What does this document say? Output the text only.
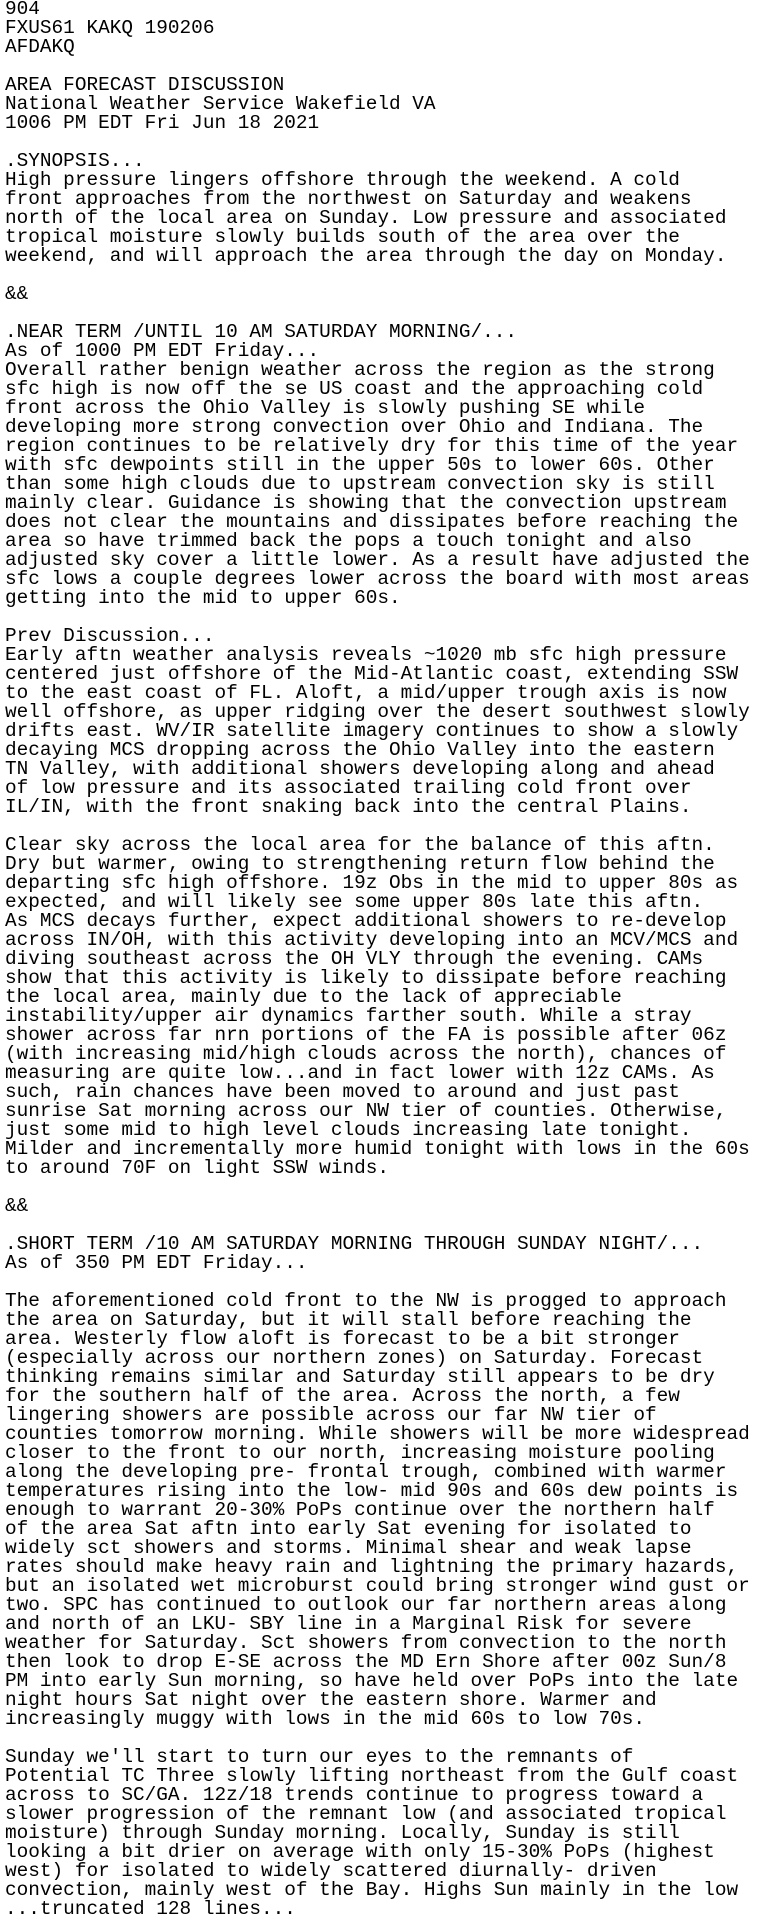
904
FXUS61 KAKQ 190206
AFDAKQ
AREA FORECAST DISCUSSION
National Weather Service Wakefield VA
1006 PM EDT Fri Jun 18 2021
.SYNOPSIS...
High pressure lingers offshore through the weekend. A cold
front approaches from the northwest on Saturday and weakens
north of the local area on Sunday. Low pressure and associated
tropical moisture slowly builds south of the area over the
weekend, and will approach the area through the day on Monday.
&&
.NEAR TERM /UNTIL 10 AM SATURDAY MORNING/...
As of 1000 PM EDT Friday...
Overall rather benign weather across the region as the strong
sfc high is now off the se US coast and the approaching cold
front across the Ohio Valley is slowly pushing SE while
developing more strong convection over Ohio and Indiana. The
region continues to be relatively dry for this time of the year
with sfc dewpoints still in the upper 50s to lower 60s. Other
than some high clouds due to upstream convection sky is still
mainly clear. Guidance is showing that the convection upstream
does not clear the mountains and dissipates before reaching the
area so have trimmed back the pops a touch tonight and also
adjusted sky cover a little lower. As a result have adjusted the
sfc lows a couple degrees lower across the board with most areas
getting into the mid to upper 60s.
Prev Discussion...
Early aftn weather analysis reveals ~1020 mb sfc high pressure
centered just offshore of the Mid-Atlantic coast, extending SSW
to the east coast of FL. Aloft, a mid/upper trough axis is now
well offshore, as upper ridging over the desert southwest slowly
drifts east. WV/IR satellite imagery continues to show a slowly
decaying MCS dropping across the Ohio Valley into the eastern
TN Valley, with additional showers developing along and ahead
of low pressure and its associated trailing cold front over
IL/IN, with the front snaking back into the central Plains.
Clear sky across the local area for the balance of this aftn.
Dry but warmer, owing to strengthening return flow behind the
departing sfc high offshore. 19z Obs in the mid to upper 80s as
expected, and will likely see some upper 80s late this aftn.
As MCS decays further, expect additional showers to re-develop
across IN/OH, with this activity developing into an MCV/MCS and
diving southeast across the OH VLY through the evening. CAMs
show that this activity is likely to dissipate before reaching
the local area, mainly due to the lack of appreciable
instability/upper air dynamics farther south. While a stray
shower across far nrn portions of the FA is possible after 06z
(with increasing mid/high clouds across the north), chances of
measuring are quite low...and in fact lower with 12z CAMs. As
such, rain chances have been moved to around and just past
sunrise Sat morning across our NW tier of counties. Otherwise,
just some mid to high level clouds increasing late tonight.
Milder and incrementally more humid tonight with lows in the 60s
to around 70F on light SSW winds.
&&
.SHORT TERM /10 AM SATURDAY MORNING THROUGH SUNDAY NIGHT/...
As of 350 PM EDT Friday...
The aforementioned cold front to the NW is progged to approach
the area on Saturday, but it will stall before reaching the
area. Westerly flow aloft is forecast to be a bit stronger
(especially across our northern zones) on Saturday. Forecast
thinking remains similar and Saturday still appears to be dry
for the southern half of the area. Across the north, a few
lingering showers are possible across our far NW tier of
counties tomorrow morning. While showers will be more widespread
closer to the front to our north, increasing moisture pooling
along the developing pre- frontal trough, combined with warmer
temperatures rising into the low- mid 90s and 60s dew points is
enough to warrant 20-30% PoPs continue over the northern half
of the area Sat aftn into early Sat evening for isolated to
widely sct showers and storms. Minimal shear and weak lapse
rates should make heavy rain and lightning the primary hazards,
but an isolated wet microburst could bring stronger wind gust or
two. SPC has continued to outlook our far northern areas along
and north of an LKU- SBY line in a Marginal Risk for severe
weather for Saturday. Sct showers from convection to the north
then look to drop E-SE across the MD Ern Shore after 00z Sun/8
PM into early Sun morning, so have held over PoPs into the late
night hours Sat night over the eastern shore. Warmer and
increasingly muggy with lows in the mid 60s to low 70s.
Sunday we'll start to turn our eyes to the remnants of
Potential TC Three slowly lifting northeast from the Gulf coast
across to SC/GA. 12z/18 trends continue to progress toward a
slower progression of the remnant low (and associated tropical
moisture) through Sunday morning. Locally, Sunday is still
looking a bit drier on average with only 15-30% PoPs (highest
west) for isolated to widely scattered diurnally- driven
convection, mainly west of the Bay. Highs Sun mainly in the low
...truncated 128 lines...
